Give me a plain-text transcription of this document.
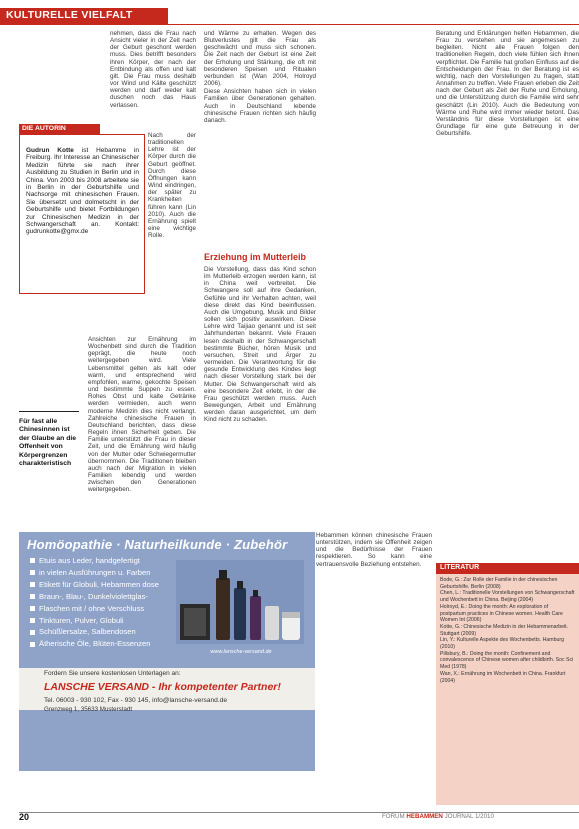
KULTURELLE VIELFALT

nehmen, dass die Frau nach Ansicht vieler in der Zeit nach der Geburt geschont werden muss. Dies betrifft besonders ihren Körper, der nach der Entbindung als offen und kalt gilt. Die Frau muss deshalb vor Wind und Kälte geschützt werden und darf weder kalt duschen noch das Haus verlassen.

Gudrun Kotte ist Hebamme in Freiburg. Ihr Interesse an Chinesischer Medizin führte sie nach ihrer Ausbildung zu Studien in Berlin und in China. Von 2003 bis 2008 arbeitete sie in Berlin in der Geburtshilfe und Nachsorge mit chinesischen Frauen. Sie übersetzt und dolmetscht in der Geburtshilfe und bietet Fortbildungen zur Chinesischen Medizin in der Schwangerschaft an. Kontakt: gudrunkotte@gmx.de
DIE AUTORIN

Nach der traditionellen Lehre ist der Körper durch die Geburt geöffnet. Durch diese Öffnungen kann Wind eindringen, der später zu Krankheiten führen kann (Lin 2010). Auch die Ernährung spielt eine wichtige Rolle.

Ansichten zur Ernährung im Wochenbett sind durch die Tradition geprägt, die heute noch weitergegeben wird. Viele Lebensmittel gelten als kalt oder warm, und entsprechend wird empfohlen, warme, gekochte Speisen und bestimmte Suppen zu essen. Rohes Obst und kalte Getränke werden vermieden, auch wenn moderne Medizin dies nicht verlangt. Zahlreiche chinesische Frauen in Deutschland berichten, dass diese Regeln ihnen Sicherheit geben. Die Familie unterstützt die Frau in dieser Zeit, und die Ernährung wird häufig von der Mutter oder Schwiegermutter übernommen. Die Traditionen bleiben auch nach der Migration in vielen Familien lebendig und werden zwischen den Generationen weitergegeben.

Für fast alle Chinesinnen ist der Glaube an die Offenheit von Körpergrenzen charakteristisch

und Wärme zu erhalten. Wegen des Blutverlustes gilt die Frau als geschwächt und muss sich schonen. Die Zeit nach der Geburt ist eine Zeit der Erholung und Stärkung, die oft mit besonderen Speisen und Ritualen verbunden ist (Wan 2004, Holroyd 2006).

Diese Ansichten haben sich in vielen Familien über Generationen gehalten. Auch in Deutschland lebende chinesische Frauen richten sich häufig danach.

Erziehung im Mutterleib

Die Vorstellung, dass das Kind schon im Mutterleib erzogen werden kann, ist in China weit verbreitet. Die Schwangere soll auf ihre Gedanken, Gefühle und ihr Verhalten achten, weil diese direkt das Kind beeinflussen. Auch die Umgebung, Musik und Bilder sollen sich positiv auswirken. Diese Lehre wird Taijiao genannt und ist seit Jahrhunderten bekannt. Viele Frauen lesen deshalb in der Schwangerschaft bestimmte Bücher, hören Musik und versuchen, Streit und Ärger zu vermeiden. Die Verantwortung für die gesunde Entwicklung des Kindes liegt nach dieser Vorstellung stark bei der Mutter. Die Schwangerschaft wird als eine besondere Zeit erlebt, in der die Frau geschützt werden muss. Auch Bewegungen, Arbeit und Ernährung werden daran ausgerichtet, um dem Kind nicht zu schaden.

Hebammen können chinesische Frauen unterstützen, indem sie Offenheit zeigen und die Bedürfnisse der Frauen respektieren. So kann eine vertrauensvolle Beziehung entstehen.

Beratung und Erklärungen helfen Hebammen, die Frau zu verstehen und sie angemessen zu begleiten. Nicht alle Frauen folgen den traditionellen Regeln, doch viele fühlen sich ihnen verpflichtet. Die Familie hat großen Einfluss auf die Entscheidungen der Frau. In der Beratung ist es wichtig, nach den Vorstellungen zu fragen, statt Annahmen zu treffen. Viele Frauen erleben die Zeit nach der Geburt als Zeit der Ruhe und Erholung, und die Unterstützung durch die Familie wird sehr geschätzt (Lin 2010). Auch die Bedeutung von Wärme und Ruhe wird immer wieder betont. Das Verständnis für diese Vorstellungen ist eine Grundlage für eine gute Betreuung in der Geburtshilfe.

LITERATUR

Bode, G.: Zur Rolle der Familie in der chinesischen Geburtshilfe. Berlin (2008)

Chen, L.: Traditionelle Vorstellungen von Schwangerschaft und Wochenbett in China. Beijing (2004)

Holroyd, E.: Doing the month: An exploration of postpartum practices in Chinese women. Health Care Women Int (2006)

Kotte, G.: Chinesische Medizin in der Hebammenarbeit. Stuttgart (2009)

Lin, Y.: Kulturelle Aspekte des Wochenbetts. Hamburg (2010)

Pillsbury, B.: Doing the month: Confinement and convalescence of Chinese women after childbirth. Soc Sci Med (1978)

Wan, X.: Ernährung im Wochenbett in China. Frankfurt (2004)

Homöopathie · Naturheilkunde · Zubehör
Etuis aus Leder, handgefertigt
in vielen Ausführungen u. Farben
Etikett für Globuli, Hebammen dose
Braun-, Blau-, Dunkelviolettglas-
Flaschen mit / ohne Verschluss
Tinkturen, Pulver, Globuli
Schüßlersalze, Salbendosen
Ätherische Öle, Blüten-Essenzen
www.lansche-versand.de
Fordern Sie unsere kostenlosen Unterlagen an:
LANSCHE VERSAND - Ihr kompetenter Partner!
Tel. 06003 - 930 102, Fax - 930 145, info@lansche-versand.de
Grenzweg 1, 35633 Musterstadt
20	FORUM HEBAMMEN JOURNAL 1/2010
